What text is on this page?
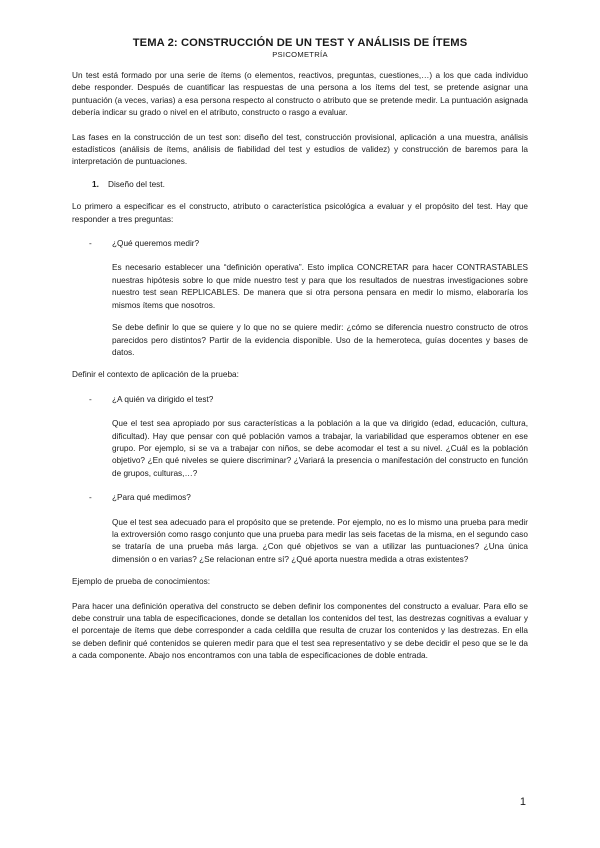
TEMA 2: CONSTRUCCIÓN DE UN TEST Y ANÁLISIS DE ÍTEMS
PSICOMETRÍA

Un test está formado por una serie de ítems (o elementos, reactivos, preguntas, cuestiones,…) a los que cada individuo debe responder. Después de cuantificar las respuestas de una persona a los ítems del test, se pretende asignar una puntuación (a veces, varias) a esa persona respecto al constructo o atributo que se pretende medir. La puntuación asignada debería indicar su grado o nivel en el atributo, constructo o rasgo a evaluar.

Las fases en la construcción de un test son: diseño del test, construcción provisional, aplicación a una muestra, análisis estadísticos (análisis de ítems, análisis de fiabilidad del test y estudios de validez) y construcción de baremos para la interpretación de puntuaciones.

1.	Diseño del test.

Lo primero a especificar es el constructo, atributo o característica psicológica a evaluar y el propósito del test. Hay que responder a tres preguntas:

-	¿Qué queremos medir?

Es necesario establecer una “definición operativa”. Esto implica CONCRETAR para hacer CONTRASTABLES nuestras hipótesis sobre lo que mide nuestro test y para que los resultados de nuestras investigaciones sobre nuestro test sean REPLICABLES. De manera que si otra persona pensara en medir lo mismo, elaboraría los mismos ítems que nosotros.

Se debe definir lo que se quiere y lo que no se quiere medir: ¿cómo se diferencia nuestro constructo de otros parecidos pero distintos? Partir de la evidencia disponible. Uso de la hemeroteca, guías docentes y bases de datos.

Definir el contexto de aplicación de la prueba:

-	¿A quién va dirigido el test?

Que el test sea apropiado por sus características a la población a la que va dirigido (edad, educación, cultura, dificultad). Hay que pensar con qué población vamos a trabajar, la variabilidad que esperamos obtener en ese grupo. Por ejemplo, si se va a trabajar con niños, se debe acomodar el test a su nivel. ¿Cuál es la población objetivo? ¿En qué niveles se quiere discriminar? ¿Variará la presencia o manifestación del constructo en función de grupos, culturas,…?

-	¿Para qué medimos?

Que el test sea adecuado para el propósito que se pretende. Por ejemplo, no es lo mismo una prueba para medir la extroversión como rasgo conjunto que una prueba para medir las seis facetas de la misma, en el segundo caso se trataría de una prueba más larga. ¿Con qué objetivos se van a utilizar las puntuaciones? ¿Una única dimensión o en varias? ¿Se relacionan entre sí? ¿Qué aporta nuestra medida a otras existentes?

Ejemplo de prueba de conocimientos:

Para hacer una definición operativa del constructo se deben definir los componentes del constructo a evaluar. Para ello se debe construir una tabla de especificaciones, donde se detallan los contenidos del test, las destrezas cognitivas a evaluar y el porcentaje de ítems que debe corresponder a cada celdilla que resulta de cruzar los contenidos y las destrezas. En ella se deben definir qué contenidos se quieren medir para que el test sea representativo y se debe decidir el peso que se le da a cada componente. Abajo nos encontramos con una tabla de especificaciones de doble entrada.

1
